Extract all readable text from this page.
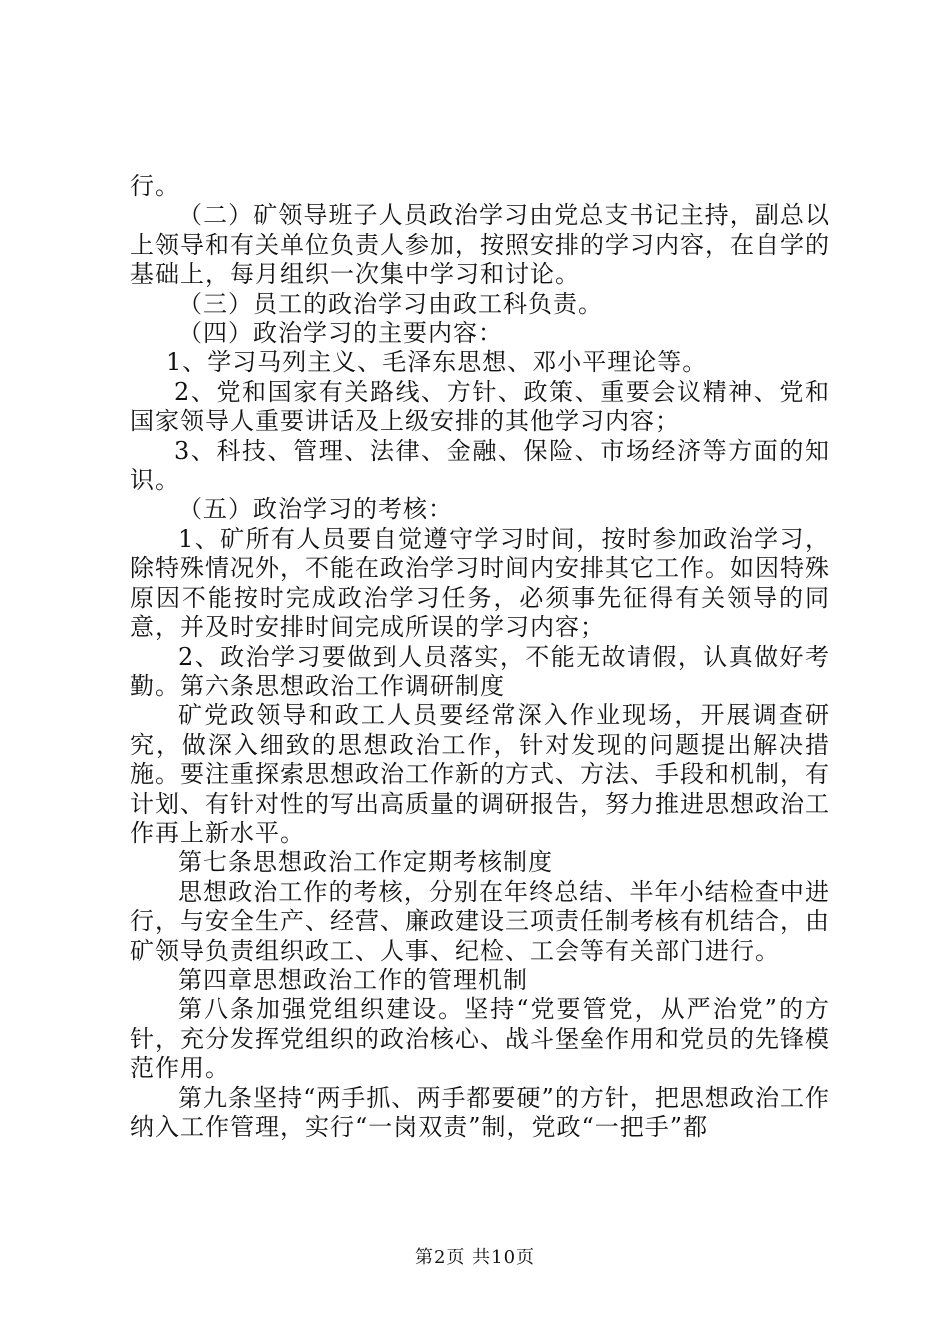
行。

（二）矿领导班子人员政治学习由党总支书记主持，副总以上领导和有关单位负责人参加，按照安排的学习内容，在自学的基础上，每月组织一次集中学习和讨论。

（三）员工的政治学习由政工科负责。

（四）政治学习的主要内容：

1、学习马列主义、毛泽东思想、邓小平理论等。

2、党和国家有关路线、方针、政策、重要会议精神、党和国家领导人重要讲话及上级安排的其他学习内容；

3、科技、管理、法律、金融、保险、市场经济等方面的知识。

（五）政治学习的考核：

1、矿所有人员要自觉遵守学习时间，按时参加政治学习，除特殊情况外，不能在政治学习时间内安排其它工作。如因特殊原因不能按时完成政治学习任务，必须事先征得有关领导的同意，并及时安排时间完成所误的学习内容；

2、政治学习要做到人员落实，不能无故请假，认真做好考勤。第六条思想政治工作调研制度

矿党政领导和政工人员要经常深入作业现场，开展调查研究，做深入细致的思想政治工作，针对发现的问题提出解决措施。要注重探索思想政治工作新的方式、方法、手段和机制，有计划、有针对性的写出高质量的调研报告，努力推进思想政治工作再上新水平。

第七条思想政治工作定期考核制度

思想政治工作的考核，分别在年终总结、半年小结检查中进行，与安全生产、经营、廉政建设三项责任制考核有机结合，由矿领导负责组织政工、人事、纪检、工会等有关部门进行。

第四章思想政治工作的管理机制

第八条加强党组织建设。坚持“党要管党，从严治党”的方针，充分发挥党组织的政治核心、战斗堡垒作用和党员的先锋模范作用。

第九条坚持“两手抓、两手都要硬”的方针，把思想政治工作纳入工作管理，实行“一岗双责”制，党政“一把手”都

第2页 共10页
